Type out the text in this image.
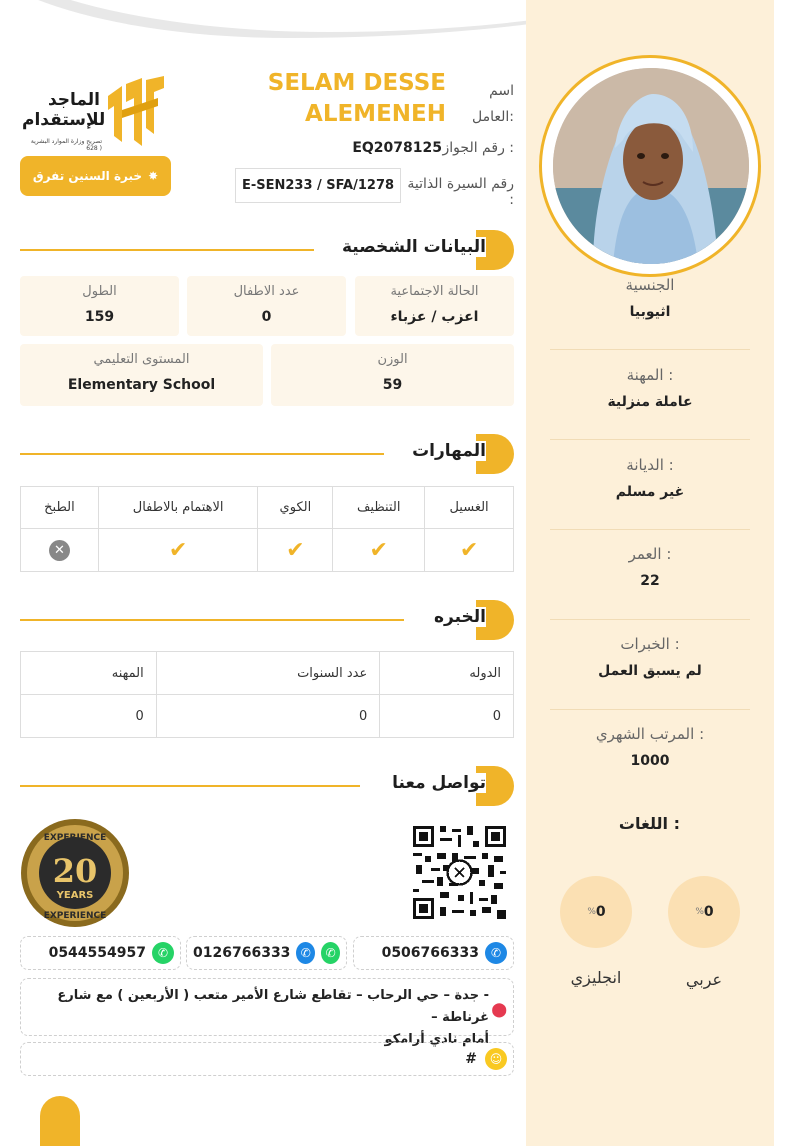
الجنسية
اثيوبيا
المهنة :
عاملة منزلية
الديانة :
غير مسلم
العمر :
22
الخبرات :
لم يسبق العمل
المرتب الشهري :
1000
اللغات :
% 0
% 0
عربي
انجليزي
الماجد للإستقدام
تصريح وزارة الموارد البشرية 628 )
خبرة السنين تفرق ✸
اسم العامل:
SELAM DESSE ALEMENEH
رقم الجواز :
EQ2078125
رقم السيرة الذاتية :
E-SEN233 / SFA/1278
البيانات الشخصية
الحالة الاجتماعية
اعزب / عزباء
عدد الاطفال
0
الطول
159
الوزن
59
المستوى التعليمي
Elementary School
المهارات
الطبخ	الاهتمام بالاطفال	الكوي	التنظيف	الغسيل
✕	✔	✔	✔	✔
الخبره
المهنه	عدد السنوات	الدوله
0	0	0
تواصل معنا
20
YEARS
EXPERIENCE
EXPERIENCE
0506766333 ✆
0126766333 ✆	✆
0544554957 ✆
⬤
- جدة – حي الرحاب – تقاطع شارع الأمير متعب ( الأربعين ) مع شارع غرناطة –
أمام نادي أرامكو
#	☺
